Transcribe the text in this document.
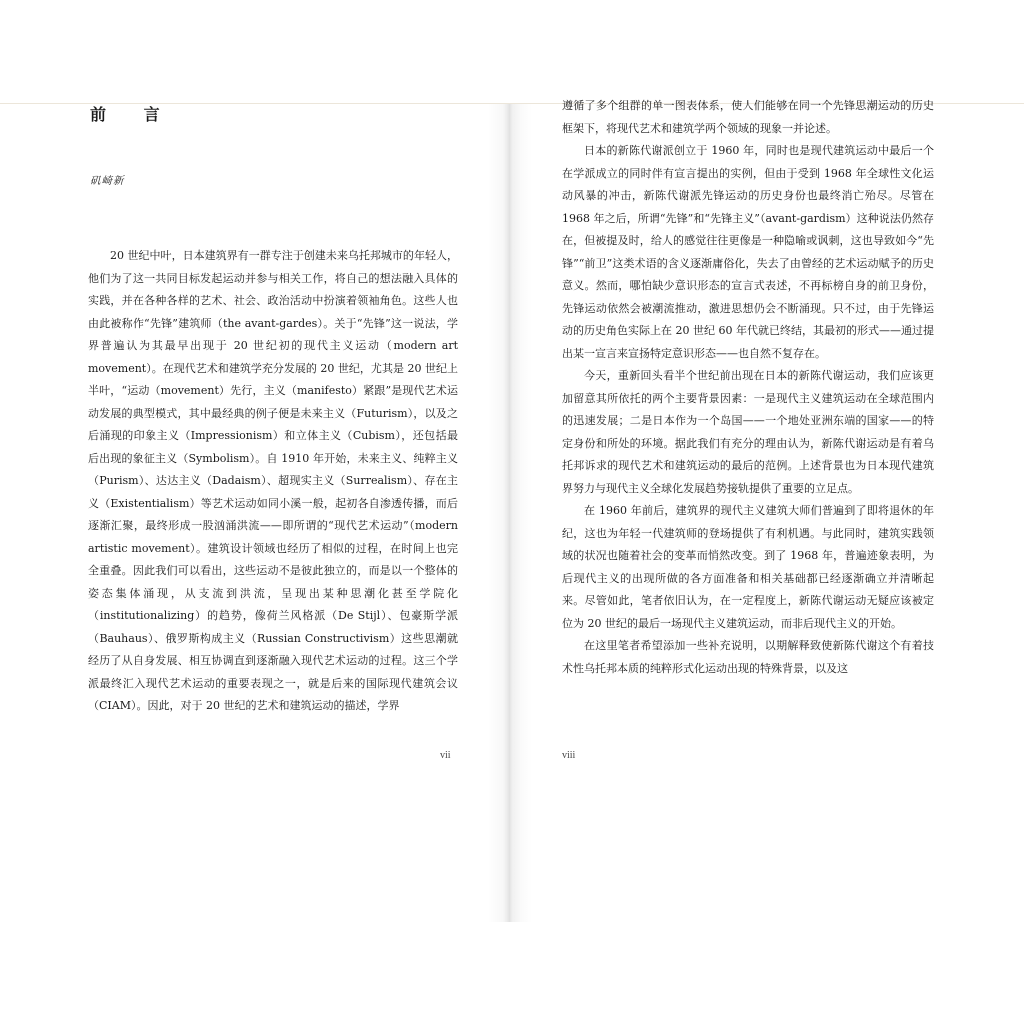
前 言
矶崎新

20 世纪中叶，日本建筑界有一群专注于创建未来乌托邦城市的年轻人，他们为了这一共同目标发起运动并参与相关工作，将自己的想法融入具体的实践，并在各种各样的艺术、社会、政治活动中扮演着领袖角色。这些人也由此被称作“先锋”建筑师（the avant-gardes）。关于“先锋”这一说法，学界普遍认为其最早出现于 20 世纪初的现代主义运动（modern art movement）。在现代艺术和建筑学充分发展的 20 世纪，尤其是 20 世纪上半叶，“运动（movement）先行，主义（manifesto）紧跟”是现代艺术运动发展的典型模式，其中最经典的例子便是未来主义（Futurism），以及之后涌现的印象主义（Impressionism）和立体主义（Cubism），还包括最后出现的象征主义（Symbolism）。自 1910 年开始，未来主义、纯粹主义（Purism）、达达主义（Dadaism）、超现实主义（Surrealism）、存在主义（Existentialism）等艺术运动如同小溪一般，起初各自渗透传播，而后逐渐汇聚，最终形成一股汹涌洪流——即所谓的“现代艺术运动”（modern artistic movement）。建筑设计领域也经历了相似的过程，在时间上也完全重叠。因此我们可以看出，这些运动不是彼此独立的，而是以一个整体的姿态集体涌现，从支流到洪流，呈现出某种思潮化甚至学院化（institutionalizing）的趋势，像荷兰风格派（De Stijl）、包豪斯学派（Bauhaus）、俄罗斯构成主义（Russian Constructivism）这些思潮就经历了从自身发展、相互协调直到逐渐融入现代艺术运动的过程。这三个学派最终汇入现代艺术运动的重要表现之一，就是后来的国际现代建筑会议（CIAM）。因此，对于 20 世纪的艺术和建筑运动的描述，学界

遵循了多个组群的单一图表体系，使人们能够在同一个先锋思潮运动的历史框架下，将现代艺术和建筑学两个领域的现象一并论述。

日本的新陈代谢派创立于 1960 年，同时也是现代建筑运动中最后一个在学派成立的同时伴有宣言提出的实例，但由于受到 1968 年全球性文化运动风暴的冲击，新陈代谢派先锋运动的历史身份也最终消亡殆尽。尽管在 1968 年之后，所谓“先锋”和“先锋主义”（avant-gardism）这种说法仍然存在，但被提及时，给人的感觉往往更像是一种隐喻或讽刺，这也导致如今“先锋”“前卫”这类术语的含义逐渐庸俗化，失去了由曾经的艺术运动赋予的历史意义。然而，哪怕缺少意识形态的宣言式表述，不再标榜自身的前卫身份，先锋运动依然会被潮流推动，激进思想仍会不断涌现。只不过，由于先锋运动的历史角色实际上在 20 世纪 60 年代就已终结，其最初的形式——通过提出某一宣言来宣扬特定意识形态——也自然不复存在。

今天，重新回头看半个世纪前出现在日本的新陈代谢运动，我们应该更加留意其所依托的两个主要背景因素：一是现代主义建筑运动在全球范围内的迅速发展；二是日本作为一个岛国——一个地处亚洲东端的国家——的特定身份和所处的环境。据此我们有充分的理由认为，新陈代谢运动是有着乌托邦诉求的现代艺术和建筑运动的最后的范例。上述背景也为日本现代建筑界努力与现代主义全球化发展趋势接轨提供了重要的立足点。

在 1960 年前后，建筑界的现代主义建筑大师们普遍到了即将退休的年纪，这也为年轻一代建筑师的登场提供了有利机遇。与此同时，建筑实践领域的状况也随着社会的变革而悄然改变。到了 1968 年，普遍迹象表明，为后现代主义的出现所做的各方面准备和相关基础都已经逐渐确立并清晰起来。尽管如此，笔者依旧认为，在一定程度上，新陈代谢运动无疑应该被定位为 20 世纪的最后一场现代主义建筑运动，而非后现代主义的开始。

在这里笔者希望添加一些补充说明，以期解释致使新陈代谢这个有着技术性乌托邦本质的纯粹形式化运动出现的特殊背景，以及这

vii	viii
